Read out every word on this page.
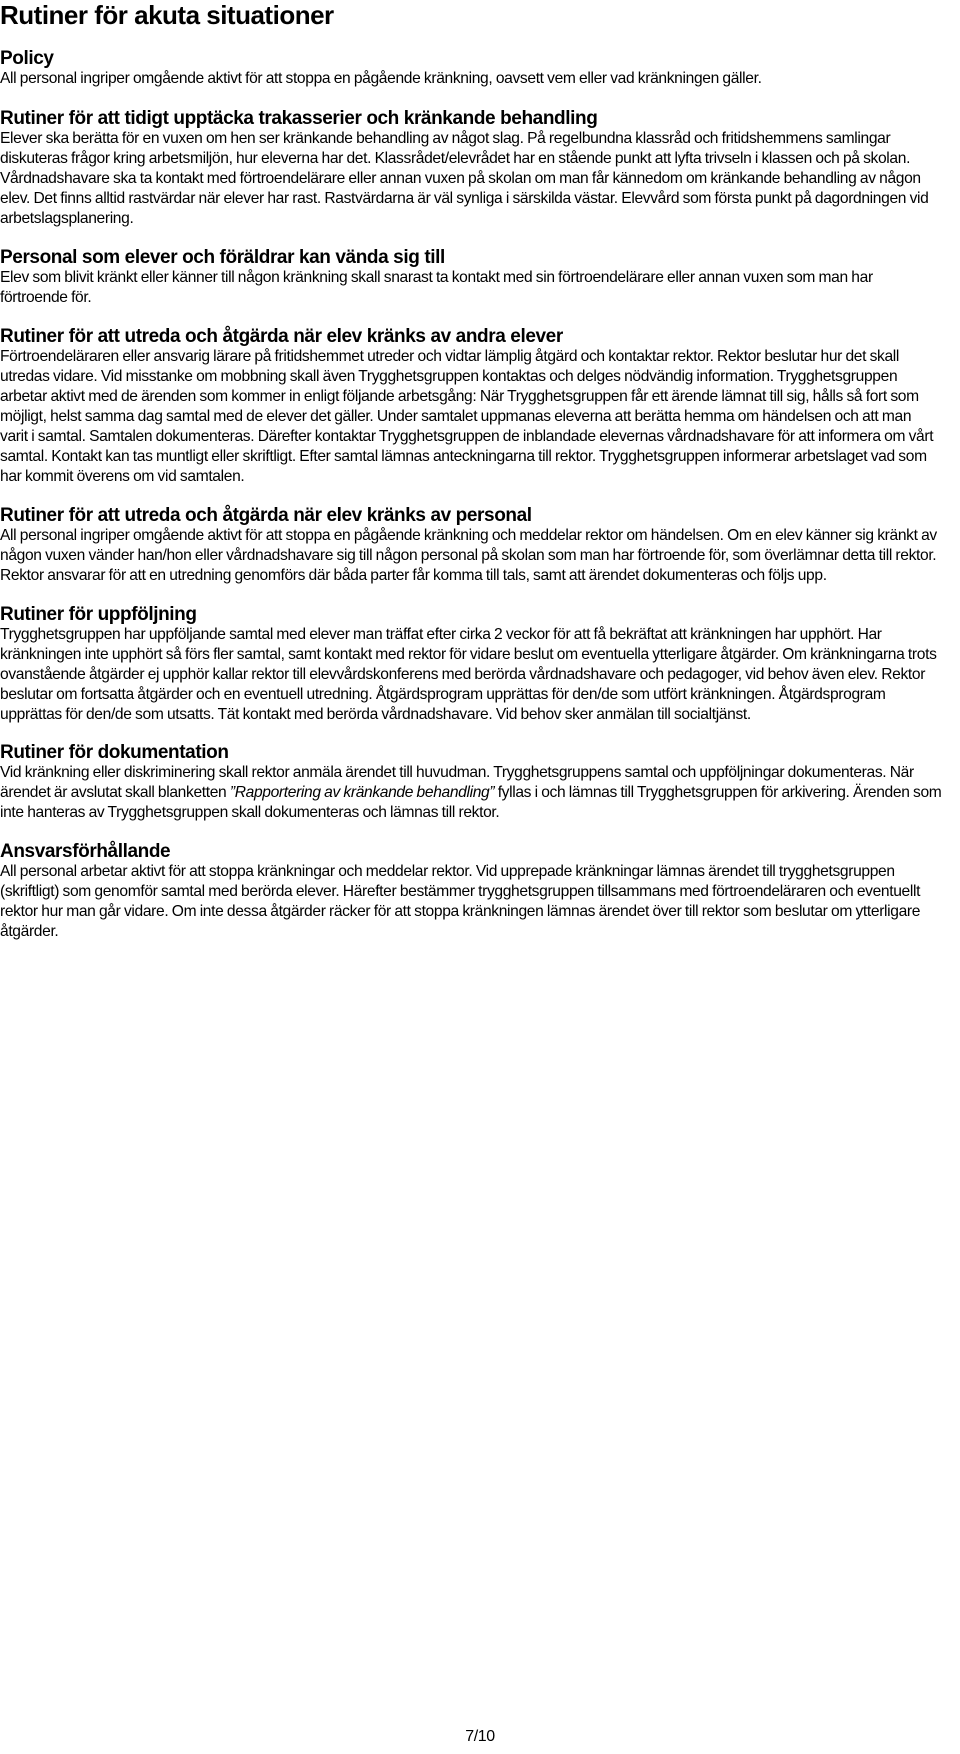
Rutiner för akuta situationer
Policy

All personal ingriper omgående aktivt för att stoppa en pågående kränkning, oavsett vem eller vad kränkningen gäller.

Rutiner för att tidigt upptäcka trakasserier och kränkande behandling

Elever ska berätta för en vuxen om hen ser kränkande behandling av något slag. På regelbundna klassråd och fritidshemmens samlingar diskuteras frågor kring arbetsmiljön, hur eleverna har det. Klassrådet/elevrådet har en stående punkt att lyfta trivseln i klassen och på skolan. Vårdnadshavare ska ta kontakt med förtroendelärare eller annan vuxen på skolan om man får kännedom om kränkande behandling av någon elev. Det finns alltid rastvärdar när elever har rast. Rastvärdarna är väl synliga i särskilda västar. Elevvård som första punkt på dagordningen vid arbetslagsplanering.

Personal som elever och föräldrar kan vända sig till

Elev som blivit kränkt eller känner till någon kränkning skall snarast ta kontakt med sin förtroendelärare eller annan vuxen som man har förtroende för.

Rutiner för att utreda och åtgärda när elev kränks av andra elever

Förtroendeläraren eller ansvarig lärare på fritidshemmet utreder och vidtar lämplig åtgärd och kontaktar rektor. Rektor beslutar hur det skall utredas vidare. Vid misstanke om mobbning skall även Trygghetsgruppen kontaktas och delges nödvändig information. Trygghetsgruppen arbetar aktivt med de ärenden som kommer in enligt följande arbetsgång: När Trygghetsgruppen får ett ärende lämnat till sig, hålls så fort som möjligt, helst samma dag samtal med de elever det gäller. Under samtalet uppmanas eleverna att berätta hemma om händelsen och att man varit i samtal. Samtalen dokumenteras. Därefter kontaktar Trygghetsgruppen de inblandade elevernas vårdnadshavare för att informera om vårt samtal. Kontakt kan tas muntligt eller skriftligt. Efter samtal lämnas anteckningarna till rektor. Trygghetsgruppen informerar arbetslaget vad som har kommit överens om vid samtalen.

Rutiner för att utreda och åtgärda när elev kränks av personal

All personal ingriper omgående aktivt för att stoppa en pågående kränkning och meddelar rektor om händelsen. Om en elev känner sig kränkt av någon vuxen vänder han/hon eller vårdnadshavare sig till någon personal på skolan som man har förtroende för, som överlämnar detta till rektor. Rektor ansvarar för att en utredning genomförs där båda parter får komma till tals, samt att ärendet dokumenteras och följs upp.

Rutiner för uppföljning

Trygghetsgruppen har uppföljande samtal med elever man träffat efter cirka 2 veckor för att få bekräftat att kränkningen har upphört. Har kränkningen inte upphört så förs fler samtal, samt kontakt med rektor för vidare beslut om eventuella ytterligare åtgärder. Om kränkningarna trots ovanstående åtgärder ej upphör kallar rektor till elevvårdskonferens med berörda vårdnadshavare och pedagoger, vid behov även elev. Rektor beslutar om fortsatta åtgärder och en eventuell utredning. Åtgärdsprogram upprättas för den/de som utfört kränkningen. Åtgärdsprogram upprättas för den/de som utsatts. Tät kontakt med berörda vårdnadshavare. Vid behov sker anmälan till socialtjänst.

Rutiner för dokumentation

Vid kränkning eller diskriminering skall rektor anmäla ärendet till huvudman. Trygghetsgruppens samtal och uppföljningar dokumenteras. När ärendet är avslutat skall blanketten ”Rapportering av kränkande behandling” fyllas i och lämnas till Trygghetsgruppen för arkivering. Ärenden som inte hanteras av Trygghetsgruppen skall dokumenteras och lämnas till rektor.

Ansvarsförhållande

All personal arbetar aktivt för att stoppa kränkningar och meddelar rektor. Vid upprepade kränkningar lämnas ärendet till trygghetsgruppen (skriftligt) som genomför samtal med berörda elever. Härefter bestämmer trygghetsgruppen tillsammans med förtroendeläraren och eventuellt rektor hur man går vidare. Om inte dessa åtgärder räcker för att stoppa kränkningen lämnas ärendet över till rektor som beslutar om ytterligare åtgärder.

7/10
